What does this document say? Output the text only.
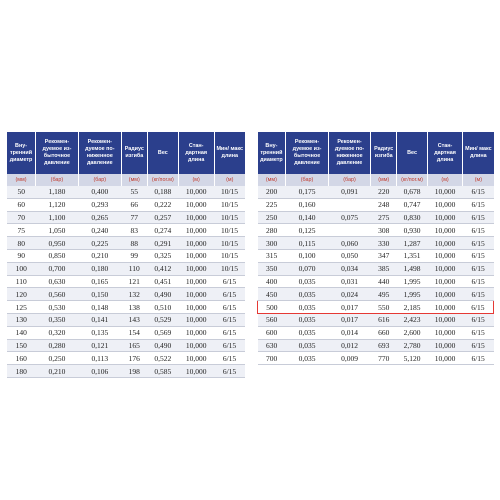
Вну-тренний диаметр	Рекомен-дуемое из-быточное давление	Рекомен-дуемое по-ниженное давление	Радиус изгиба	Вес	Стан-дартная длина	Мин/ макс длина
(мм)	(бар)	(бар)	(мм)	(кг/пог.м)	(м)	(м)
50	1,180	0,400	55	0,188	10,000	10/15
60	1,120	0,293	66	0,222	10,000	10/15
70	1,100	0,265	77	0,257	10,000	10/15
75	1,050	0,240	83	0,274	10,000	10/15
80	0,950	0,225	88	0,291	10,000	10/15
90	0,850	0,210	99	0,325	10,000	10/15
100	0,700	0,180	110	0,412	10,000	10/15
110	0,630	0,165	121	0,451	10,000	6/15
120	0,560	0,150	132	0,490	10,000	6/15
125	0,530	0,148	138	0,510	10,000	6/15
130	0,350	0,141	143	0,529	10,000	6/15
140	0,320	0,135	154	0,569	10,000	6/15
150	0,280	0,121	165	0,490	10,000	6/15
160	0,250	0,113	176	0,522	10,000	6/15
180	0,210	0,106	198	0,585	10,000	6/15
Вну-тренний диаметр	Рекомен-дуемое из-быточное давление	Рекомен-дуемое по-ниженное давление	Радиус изгиба	Вес	Стан-дартная длина	Мин/ макс длина
(мм)	(бар)	(бар)	(мм)	(кг/пог.м)	(м)	(м)
200	0,175	0,091	220	0,678	10,000	6/15
225	0,160		248	0,747	10,000	6/15
250	0,140	0,075	275	0,830	10,000	6/15
280	0,125		308	0,930	10,000	6/15
300	0,115	0,060	330	1,287	10,000	6/15
315	0,100	0,050	347	1,351	10,000	6/15
350	0,070	0,034	385	1,498	10,000	6/15
400	0,035	0,031	440	1,995	10,000	6/15
450	0,035	0,024	495	1,995	10,000	6/15
500	0,035	0,017	550	2,185	10,000	6/15
560	0,035	0,017	616	2,423	10,000	6/15
600	0,035	0,014	660	2,600	10,000	6/15
630	0,035	0,012	693	2,780	10,000	6/15
700	0,035	0,009	770	5,120	10,000	6/15
